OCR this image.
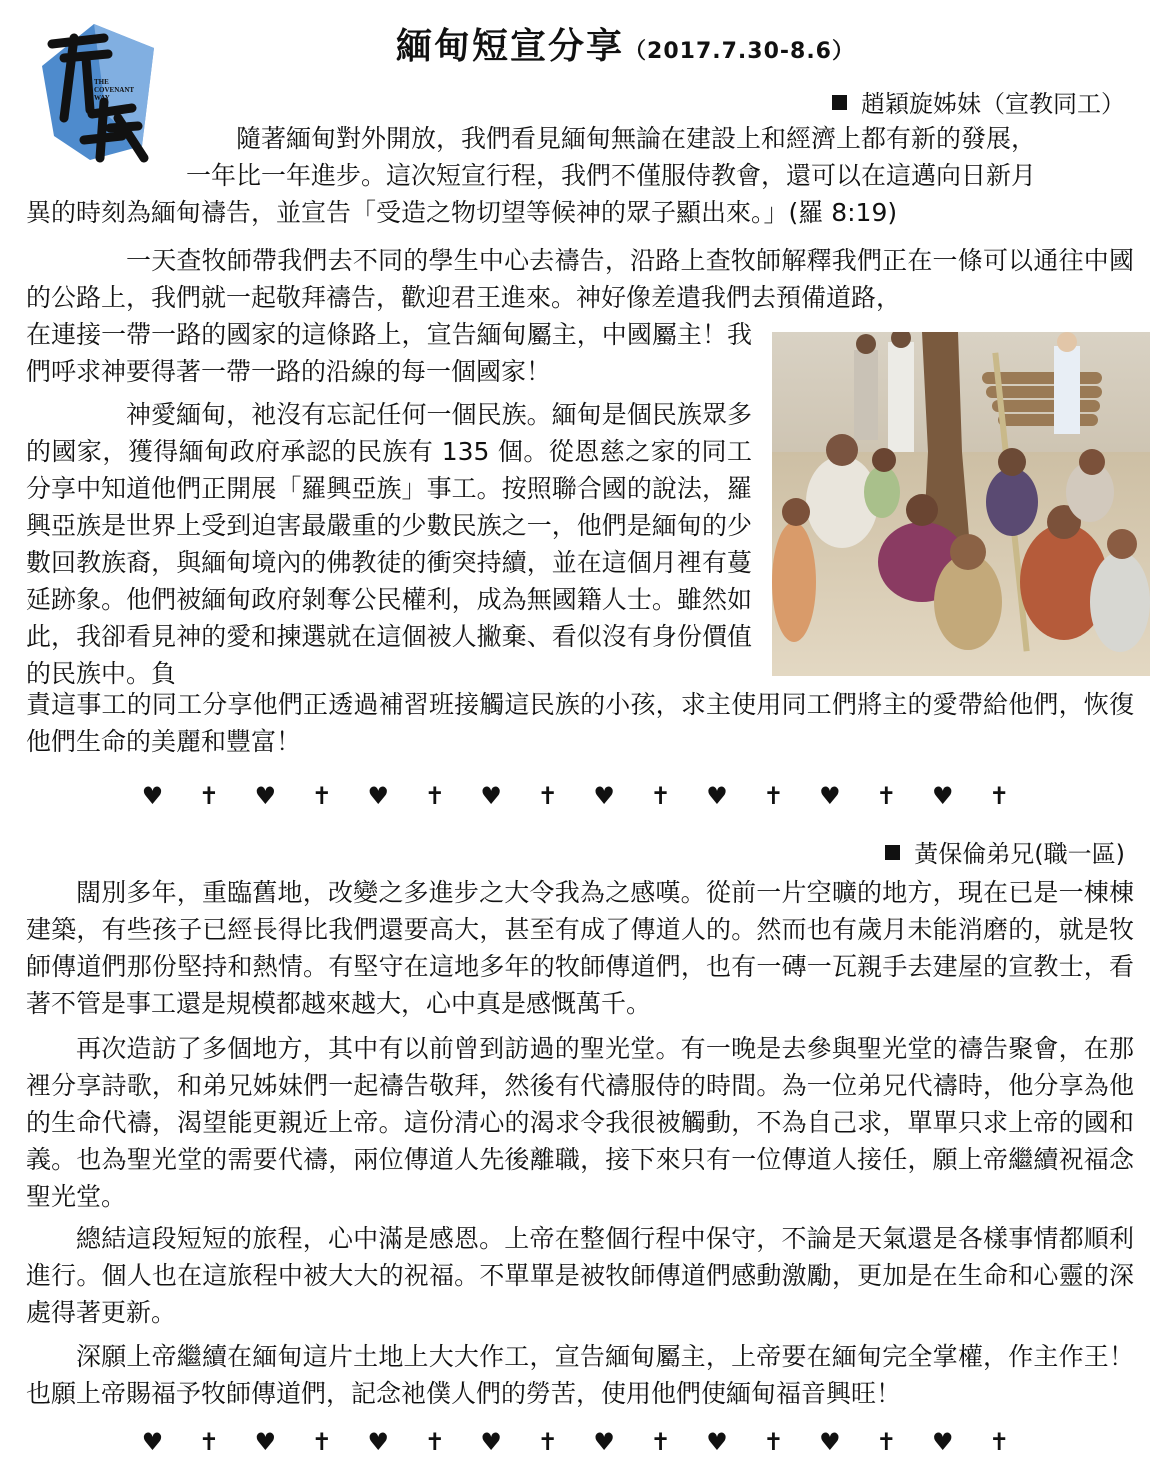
THE
COVENANT
WAY
緬甸短宣分享（2017.7.30-8.6）
趙穎旋姊妹（宣教同工）
隨著緬甸對外開放，我們看見緬甸無論在建設上和經濟上都有新的發展，
一年比一年進步。這次短宣行程，我們不僅服侍教會，還可以在這邁向日新月
異的時刻為緬甸禱告，並宣告「受造之物切望等候神的眾子顯出來。」(羅 8:19)

一天查牧師帶我們去不同的學生中心去禱告，沿路上查牧師解釋我們正在一條可以通往中國的公路上，我們就一起敬拜禱告，歡迎君王進來。神好像差遣我們去預備道路，

在連接一帶一路的國家的這條路上，宣告緬甸屬主，中國屬主！我們呼求神要得著一帶一路的沿線的每一個國家！

神愛緬甸，祂沒有忘記任何一個民族。緬甸是個民族眾多的國家，獲得緬甸政府承認的民族有 135 個。從恩慈之家的同工分享中知道他們正開展「羅興亞族」事工。按照聯合國的說法，羅興亞族是世界上受到迫害最嚴重的少數民族之一，他們是緬甸的少數回教族裔，與緬甸境內的佛教徒的衝突持續，並在這個月裡有蔓延跡象。他們被緬甸政府剝奪公民權利，成為無國籍人士。雖然如此，我卻看見神的愛和揀選就在這個被人撇棄、看似沒有身份價值的民族中。負

責這事工的同工分享他們正透過補習班接觸這民族的小孩，求主使用同工們將主的愛帶給他們，恢復他們生命的美麗和豐富！

♥ ✝ ♥ ✝ ♥ ✝ ♥ ✝ ♥ ✝ ♥ ✝ ♥ ✝ ♥ ✝
黃保倫弟兄(職一區)

闊別多年，重臨舊地，改變之多進步之大令我為之感嘆。從前一片空曠的地方，現在已是一棟棟建築，有些孩子已經長得比我們還要高大，甚至有成了傳道人的。然而也有歲月未能消磨的，就是牧師傳道們那份堅持和熱情。有堅守在這地多年的牧師傳道們，也有一磚一瓦親手去建屋的宣教士，看著不管是事工還是規模都越來越大，心中真是感慨萬千。

再次造訪了多個地方，其中有以前曾到訪過的聖光堂。有一晚是去參與聖光堂的禱告聚會，在那裡分享詩歌，和弟兄姊妹們一起禱告敬拜，然後有代禱服侍的時間。為一位弟兄代禱時，他分享為他的生命代禱，渴望能更親近上帝。這份清心的渴求令我很被觸動，不為自己求，單單只求上帝的國和義。也為聖光堂的需要代禱，兩位傳道人先後離職，接下來只有一位傳道人接任，願上帝繼續祝福念聖光堂。

總結這段短短的旅程，心中滿是感恩。上帝在整個行程中保守，不論是天氣還是各樣事情都順利進行。個人也在這旅程中被大大的祝福。不單單是被牧師傳道們感動激勵，更加是在生命和心靈的深處得著更新。

深願上帝繼續在緬甸這片土地上大大作工，宣告緬甸屬主，上帝要在緬甸完全掌權，作主作王！也願上帝賜福予牧師傳道們，記念祂僕人們的勞苦，使用他們使緬甸福音興旺！

♥ ✝ ♥ ✝ ♥ ✝ ♥ ✝ ♥ ✝ ♥ ✝ ♥ ✝ ♥ ✝
